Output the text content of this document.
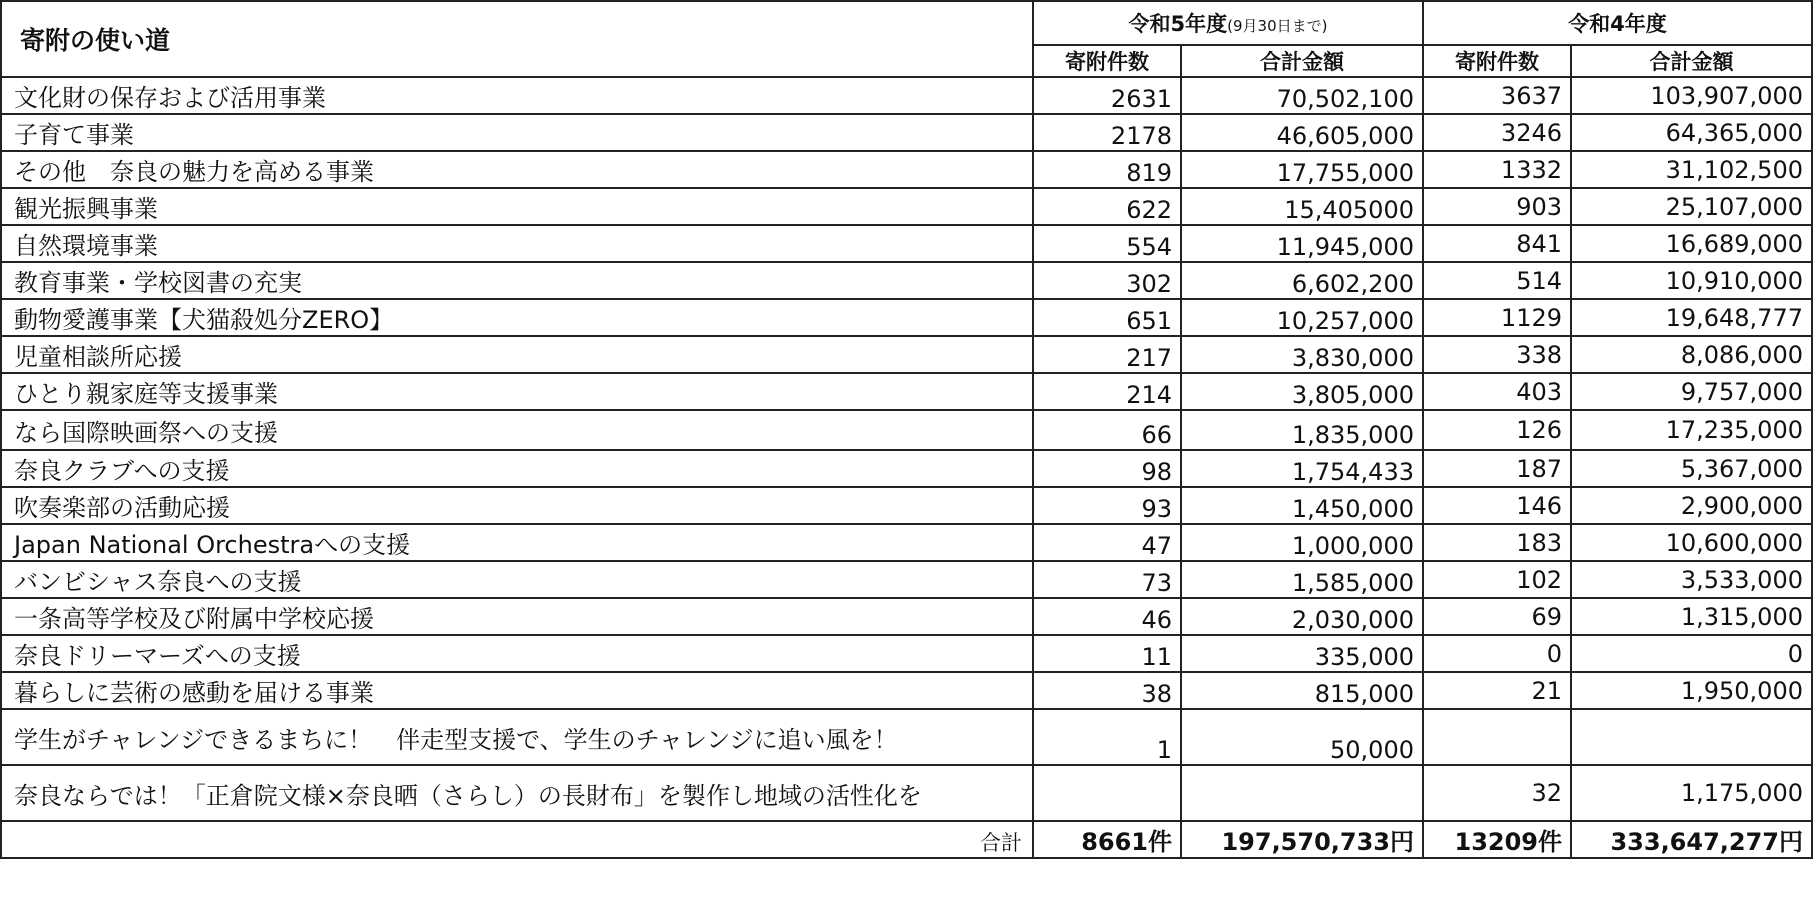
寄附の使い道	令和5年度(9月30日まで)		令和4年度	
	寄附件数	合計金額	寄附件数	合計金額
文化財の保存および活用事業	2631	70,502,100	3637	103,907,000
子育て事業	2178	46,605,000	3246	64,365,000
その他　奈良の魅力を高める事業	819	17,755,000	1332	31,102,500
観光振興事業	622	15,405000	903	25,107,000
自然環境事業	554	11,945,000	841	16,689,000
教育事業・学校図書の充実	302	6,602,200	514	10,910,000
動物愛護事業【犬猫殺処分ZERO】	651	10,257,000	1129	19,648,777
児童相談所応援	217	3,830,000	338	8,086,000
ひとり親家庭等支援事業	214	3,805,000	403	9,757,000
なら国際映画祭への支援	66	1,835,000	126	17,235,000
奈良クラブへの支援	98	1,754,433	187	5,367,000
吹奏楽部の活動応援	93	1,450,000	146	2,900,000
Japan National Orchestraへの支援	47	1,000,000	183	10,600,000
バンビシャス奈良への支援	73	1,585,000	102	3,533,000
一条高等学校及び附属中学校応援	46	2,030,000	69	1,315,000
奈良ドリーマーズへの支援	11	335,000	0	0
暮らしに芸術の感動を届ける事業	38	815,000	21	1,950,000
学生がチャレンジできるまちに！　伴走型支援で、学生のチャレンジに追い風を！	1	50,000		
奈良ならでは！「正倉院文様×奈良晒（さらし）の長財布」を製作し地域の活性化を			32	1,175,000
合計	8661件	197,570,733円	13209件	333,647,277円
